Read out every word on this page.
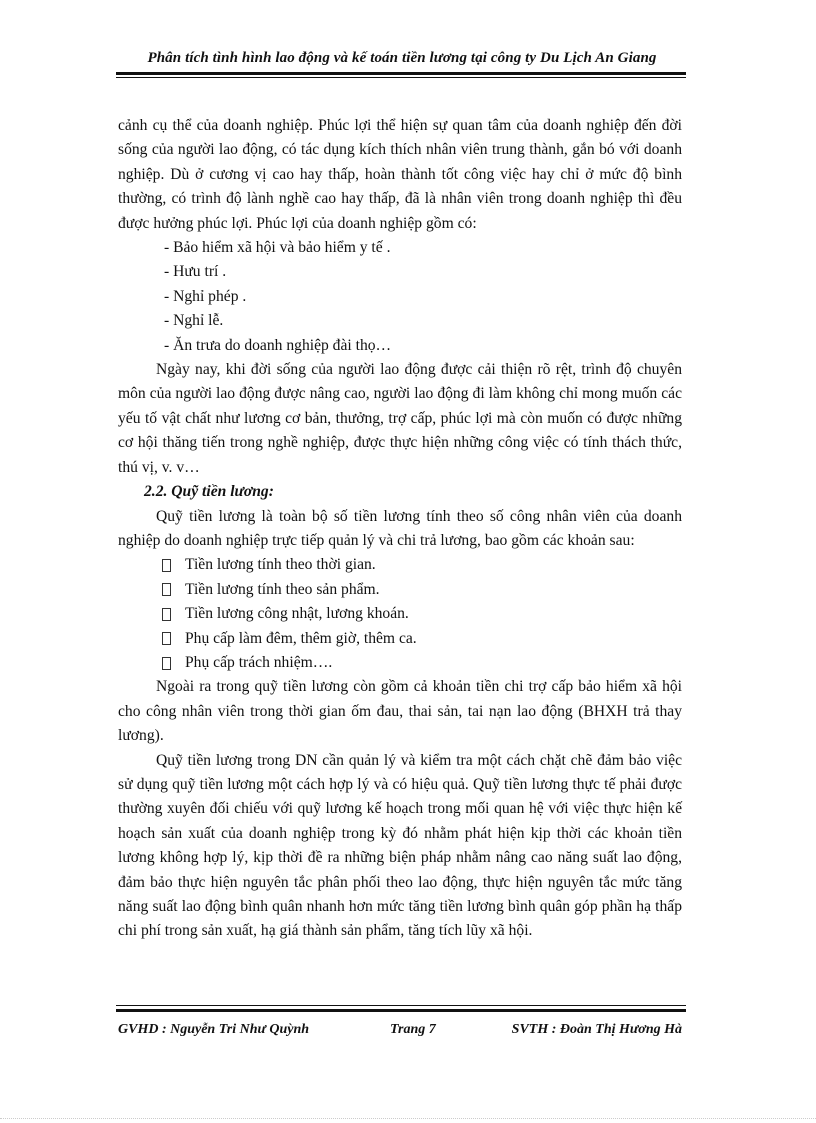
Phân tích tình hình lao động và kế toán tiền lương tại công ty Du Lịch An Giang

cảnh cụ thể của doanh nghiệp. Phúc lợi thể hiện sự quan tâm của doanh nghiệp đến đời sống của người lao động, có tác dụng kích thích nhân viên trung thành, gắn bó với doanh nghiệp. Dù ở cương vị cao hay thấp, hoàn thành tốt công việc hay chỉ ở mức độ bình thường, có trình độ lành nghề cao hay thấp, đã là nhân viên trong doanh nghiệp thì đều được hưởng phúc lợi. Phúc lợi của doanh nghiệp gồm có:

- Bảo hiểm xã hội và bảo hiểm y tế .
- Hưu trí .
- Nghỉ phép .
- Nghỉ lễ.
- Ăn trưa do doanh nghiệp đài thọ…

Ngày nay, khi đời sống của người lao động được cải thiện rõ rệt, trình độ chuyên môn của người lao động được nâng cao, người lao động đi làm không chỉ mong muốn các yếu tố vật chất như lương cơ bản, thưởng, trợ cấp, phúc lợi mà còn muốn có được những cơ hội thăng tiến trong nghề nghiệp, được thực hiện những công việc có tính thách thức, thú vị, v. v…

2.2. Quỹ tiền lương:

Quỹ tiền lương là toàn bộ số tiền lương tính theo số công nhân viên của doanh nghiệp do doanh nghiệp trực tiếp quản lý và chi trả lương, bao gồm các khoản sau:

Tiền lương tính theo thời gian.
Tiền lương tính theo sản phẩm.
Tiền lương công nhật, lương khoán.
Phụ cấp làm đêm, thêm giờ, thêm ca.
Phụ cấp trách nhiệm….

Ngoài ra trong quỹ tiền lương còn gồm cả khoản tiền chi trợ cấp bảo hiểm xã hội cho công nhân viên trong thời gian ốm đau, thai sản, tai nạn lao động (BHXH trả thay lương).

Quỹ tiền lương trong DN cần quản lý và kiểm tra một cách chặt chẽ đảm bảo việc sử dụng quỹ tiền lương một cách hợp lý và có hiệu quả. Quỹ tiền lương thực tế phải được thường xuyên đối chiếu với quỹ lương kế hoạch trong mối quan hệ với việc thực hiện kế hoạch sản xuất của doanh nghiệp trong kỳ đó nhằm phát hiện kịp thời các khoản tiền lương không hợp lý, kịp thời đề ra những biện pháp nhằm nâng cao năng suất lao động, đảm bảo thực hiện nguyên tắc phân phối theo lao động, thực hiện nguyên tắc mức tăng năng suất lao động bình quân nhanh hơn mức tăng tiền lương bình quân góp phần hạ thấp chi phí trong sản xuất, hạ giá thành sản phẩm, tăng tích lũy xã hội.

GVHD : Nguyễn Tri Như Quỳnh	Trang 7	SVTH : Đoàn Thị Hương Hà
